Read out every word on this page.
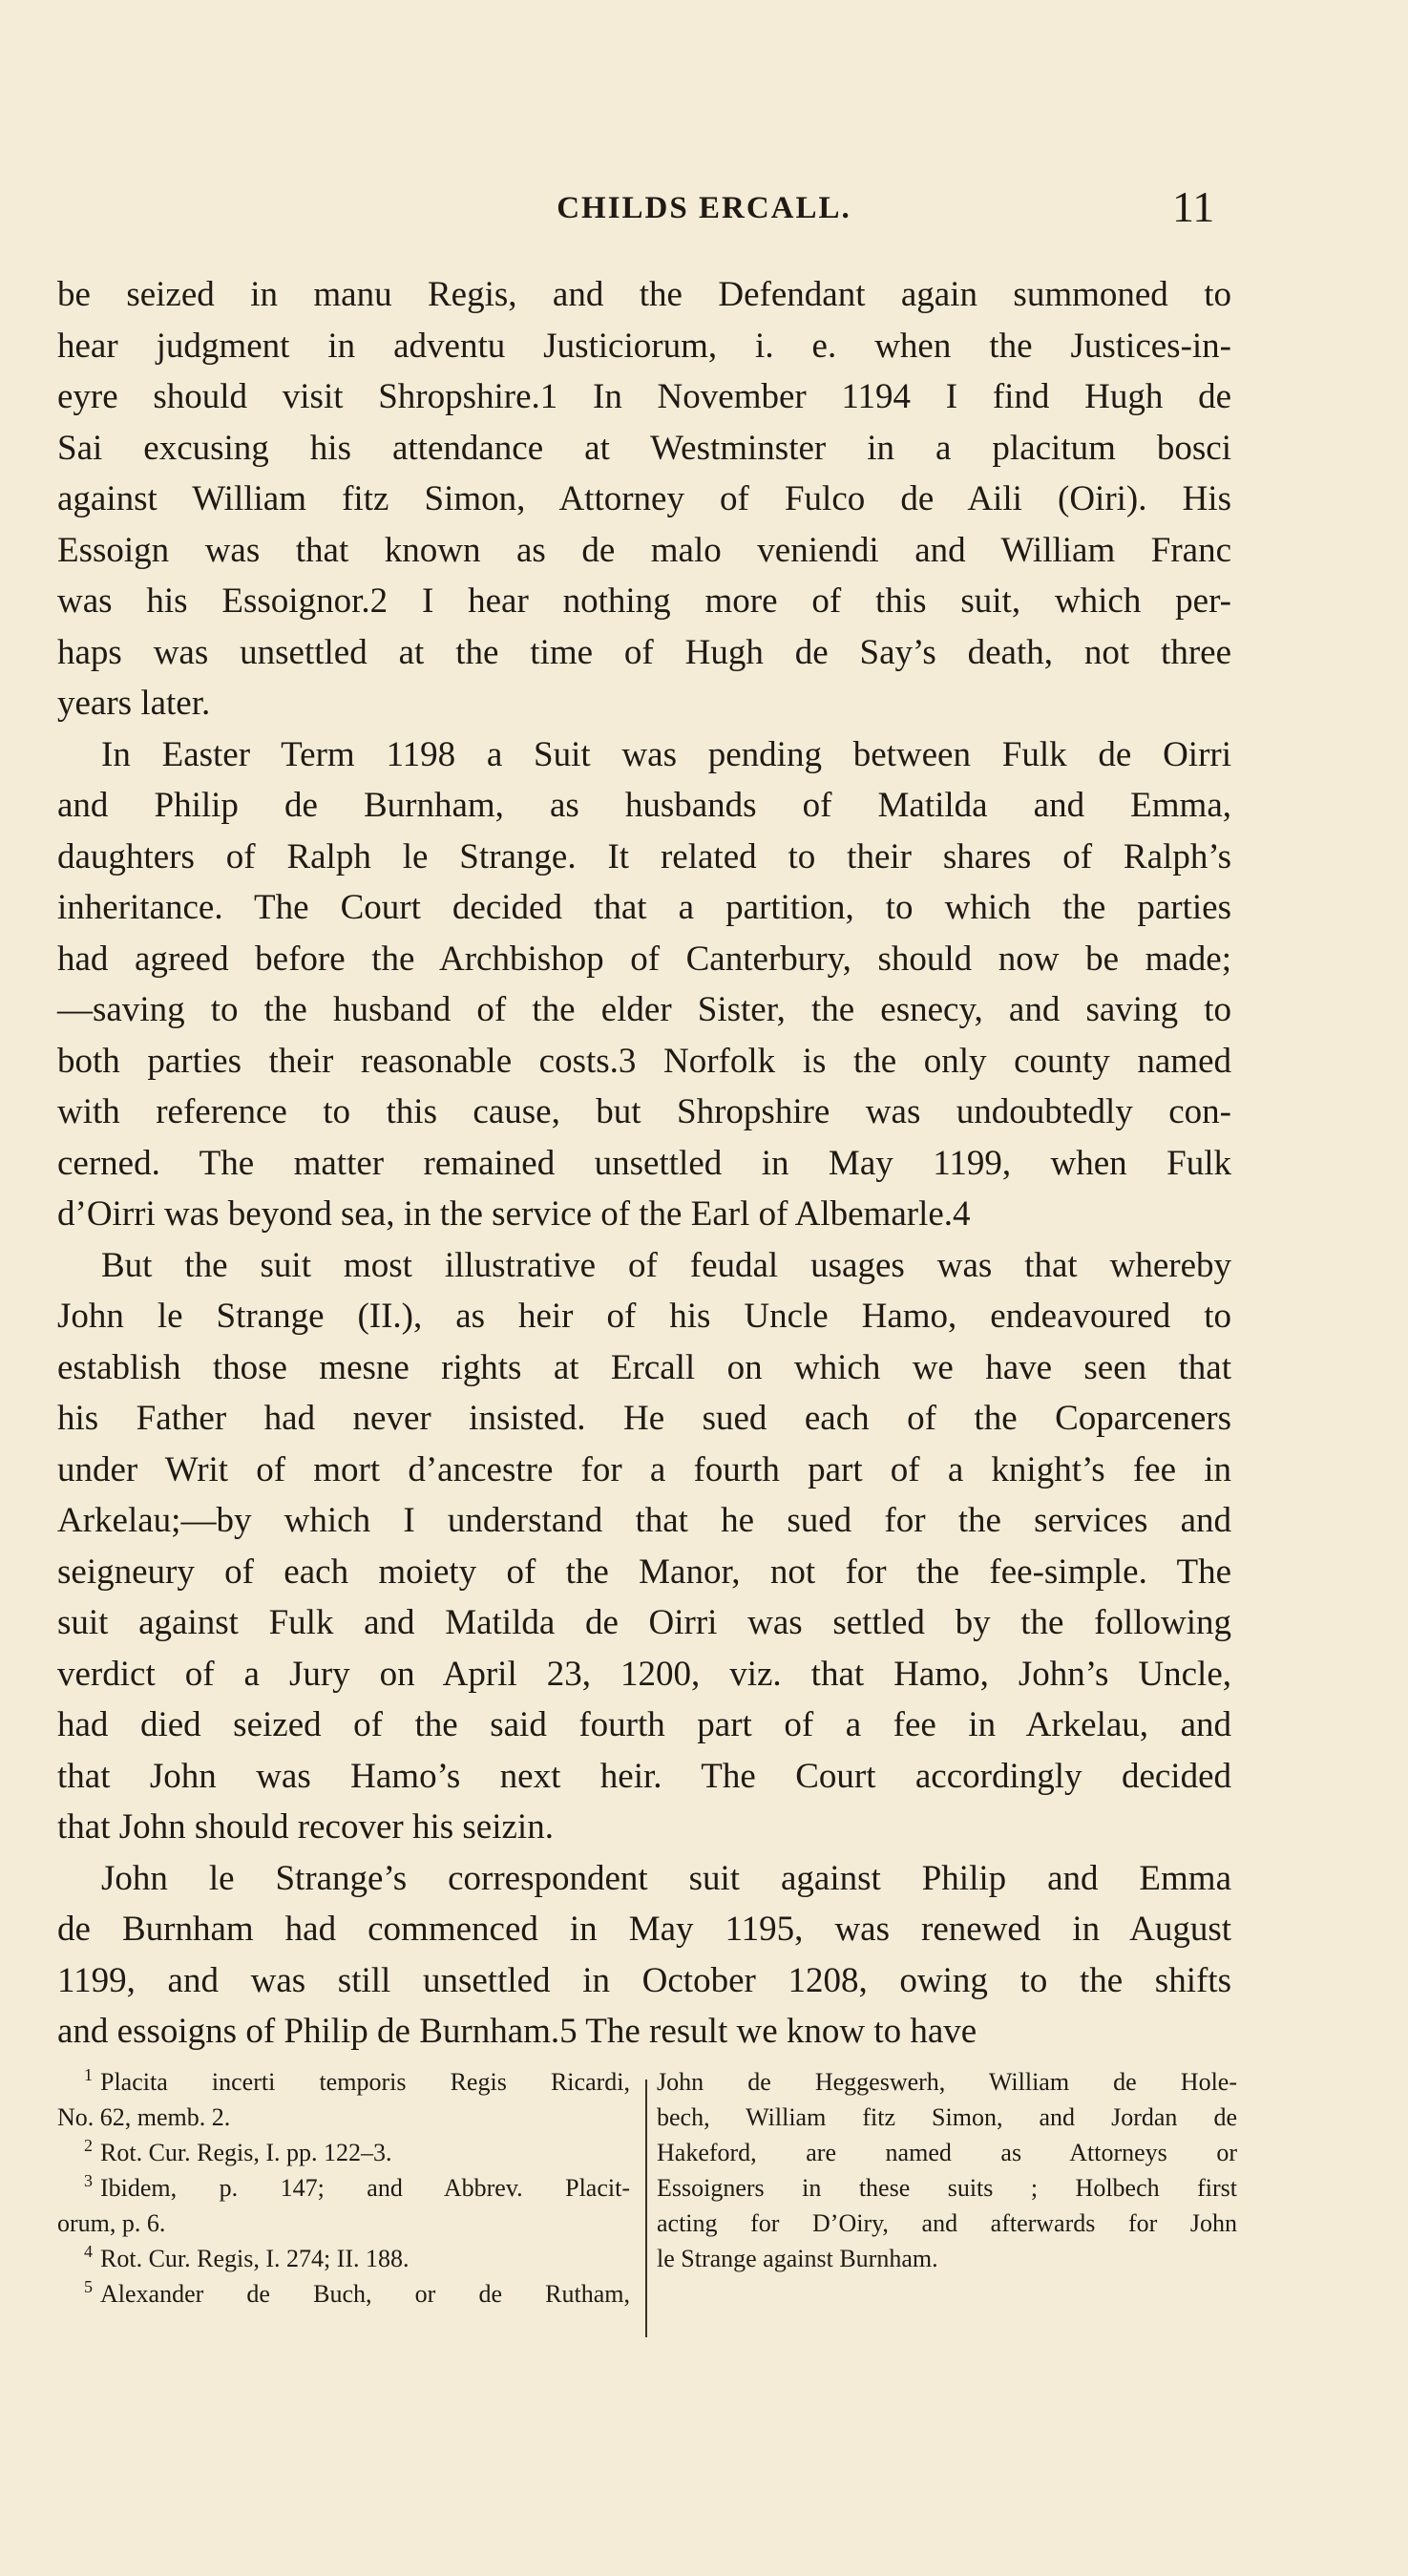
CHILDS ERCALL.	11
be seized in manu Regis, and the Defendant again summoned to
hear judgment in adventu Justiciorum, i. e. when the Justices-in-
eyre should visit Shropshire.1 In November 1194 I find Hugh de
Sai excusing his attendance at Westminster in a placitum bosci
against William fitz Simon, Attorney of Fulco de Aili (Oiri). His
Essoign was that known as de malo veniendi and William Franc
was his Essoignor.2 I hear nothing more of this suit, which per-
haps was unsettled at the time of Hugh de Say’s death, not three
years later.
In Easter Term 1198 a Suit was pending between Fulk de Oirri
and Philip de Burnham, as husbands of Matilda and Emma,
daughters of Ralph le Strange. It related to their shares of Ralph’s
inheritance. The Court decided that a partition, to which the parties
had agreed before the Archbishop of Canterbury, should now be made;
—saving to the husband of the elder Sister, the esnecy, and saving to
both parties their reasonable costs.3 Norfolk is the only county named
with reference to this cause, but Shropshire was undoubtedly con-
cerned. The matter remained unsettled in May 1199, when Fulk
d’Oirri was beyond sea, in the service of the Earl of Albemarle.4
But the suit most illustrative of feudal usages was that whereby
John le Strange (II.), as heir of his Uncle Hamo, endeavoured to
establish those mesne rights at Ercall on which we have seen that
his Father had never insisted. He sued each of the Coparceners
under Writ of mort d’ancestre for a fourth part of a knight’s fee in
Arkelau;—by which I understand that he sued for the services and
seigneury of each moiety of the Manor, not for the fee-simple. The
suit against Fulk and Matilda de Oirri was settled by the following
verdict of a Jury on April 23, 1200, viz. that Hamo, John’s Uncle,
had died seized of the said fourth part of a fee in Arkelau, and
that John was Hamo’s next heir. The Court accordingly decided
that John should recover his seizin.
John le Strange’s correspondent suit against Philip and Emma
de Burnham had commenced in May 1195, was renewed in August
1199, and was still unsettled in October 1208, owing to the shifts
and essoigns of Philip de Burnham.5 The result we know to have
$^1$ Placita incerti temporis Regis Ricardi,
No. 62, memb. 2.
$^2$ Rot. Cur. Regis, I. pp. 122–3.
$^3$ Ibidem, p. 147; and Abbrev. Placit-
orum, p. 6.
$^4$ Rot. Cur. Regis, I. 274; II. 188.
$^5$ Alexander de Buch, or de Rutham,
John de Heggeswerh, William de Hole-
bech, William fitz Simon, and Jordan de
Hakeford, are named as Attorneys or
Essoigners in these suits ; Holbech first
acting for D’Oiry, and afterwards for John
le Strange against Burnham.
